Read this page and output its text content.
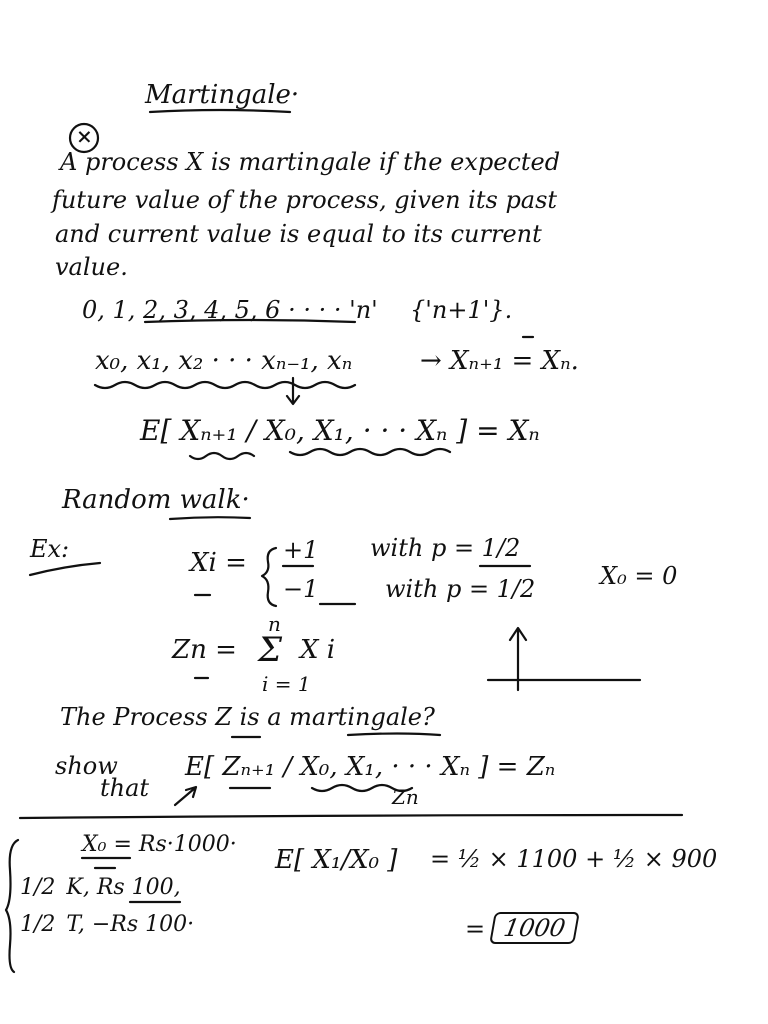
Martingale·
×
A process X is martingale if the expected
future value of the process, given its past
and current value is equal to its current
value.
0, 1, 2, 3, 4, 5, 6 · · · · 'n' {'n+1'}.
x₀, x₁, x₂ · · · xₙ₋₁, xₙ	→ Xₙ₊₁ = Xₙ.
E[ Xₙ₊₁ / X₀, X₁, · · · Xₙ ] = Xₙ
Random walk·
Ex:	Xi = +1 with p = 1/2
−1	with p = 1/2	X₀ = 0
Zn =
n
Σ X i
i = 1
The Process Z is a martingale?
show
that
E[ Zₙ₊₁ / X₀, X₁, · · · Xₙ ] = Zₙ
Zn
X₀ = Rs·1000·
1/2 K, Rs 100,
1/2 T, −Rs 100·
E[ X₁/X₀ ] = ½ × 1100 + ½ × 900
= 1000
